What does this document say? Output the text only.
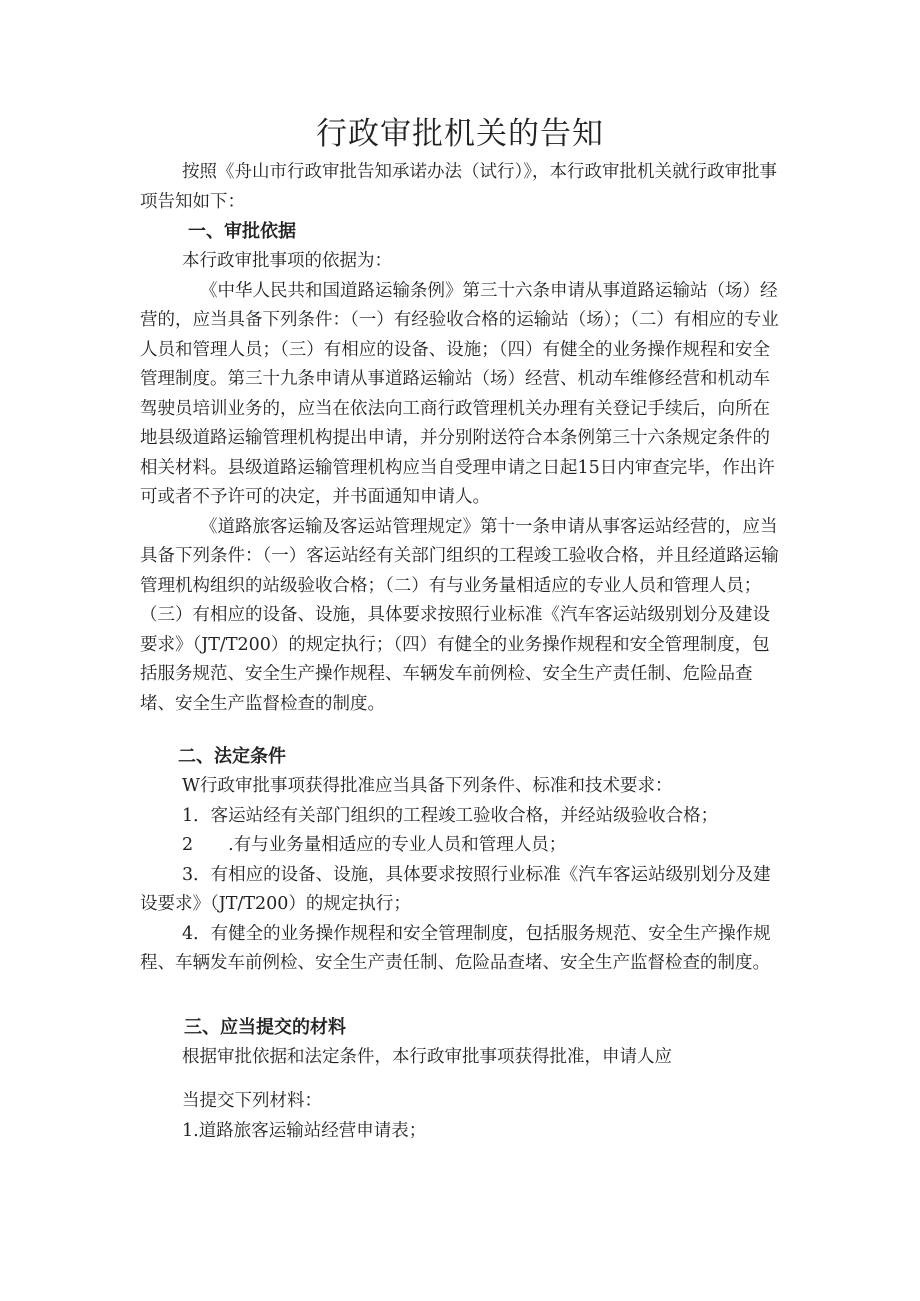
行政审批机关的告知

按照《舟山市行政审批告知承诺办法（试行）》，本行政审批机关就行政审批事项告知如下：

一、审批依据

本行政审批事项的依据为：

《中华人民共和国道路运输条例》第三十六条申请从事道路运输站（场）经营的，应当具备下列条件：（一）有经验收合格的运输站（场）；（二）有相应的专业人员和管理人员；（三）有相应的设备、设施；（四）有健全的业务操作规程和安全管理制度。第三十九条申请从事道路运输站（场）经营、机动车维修经营和机动车驾驶员培训业务的，应当在依法向工商行政管理机关办理有关登记手续后，向所在地县级道路运输管理机构提出申请，并分别附送符合本条例第三十六条规定条件的相关材料。县级道路运输管理机构应当自受理申请之日起15日内审查完毕，作出许可或者不予许可的决定，并书面通知申请人。

《道路旅客运输及客运站管理规定》第十一条申请从事客运站经营的，应当具备下列条件：（一）客运站经有关部门组织的工程竣工验收合格，并且经道路运输管理机构组织的站级验收合格；（二）有与业务量相适应的专业人员和管理人员；（三）有相应的设备、设施，具体要求按照行业标准《汽车客运站级别划分及建设要求》（JT/T200）的规定执行；（四）有健全的业务操作规程和安全管理制度，包括服务规范、安全生产操作规程、车辆发车前例检、安全生产责任制、危险品查堵、安全生产监督检查的制度。

二、法定条件

W行政审批事项获得批准应当具备下列条件、标准和技术要求：

1．客运站经有关部门组织的工程竣工验收合格，并经站级验收合格；

2　　.有与业务量相适应的专业人员和管理人员；

3．有相应的设备、设施，具体要求按照行业标准《汽车客运站级别划分及建设要求》（JT/T200）的规定执行；

4．有健全的业务操作规程和安全管理制度，包括服务规范、安全生产操作规程、车辆发车前例检、安全生产责任制、危险品查堵、安全生产监督检查的制度。

三、应当提交的材料

根据审批依据和法定条件，本行政审批事项获得批准，申请人应

当提交下列材料：

1.道路旅客运输站经营申请表；
